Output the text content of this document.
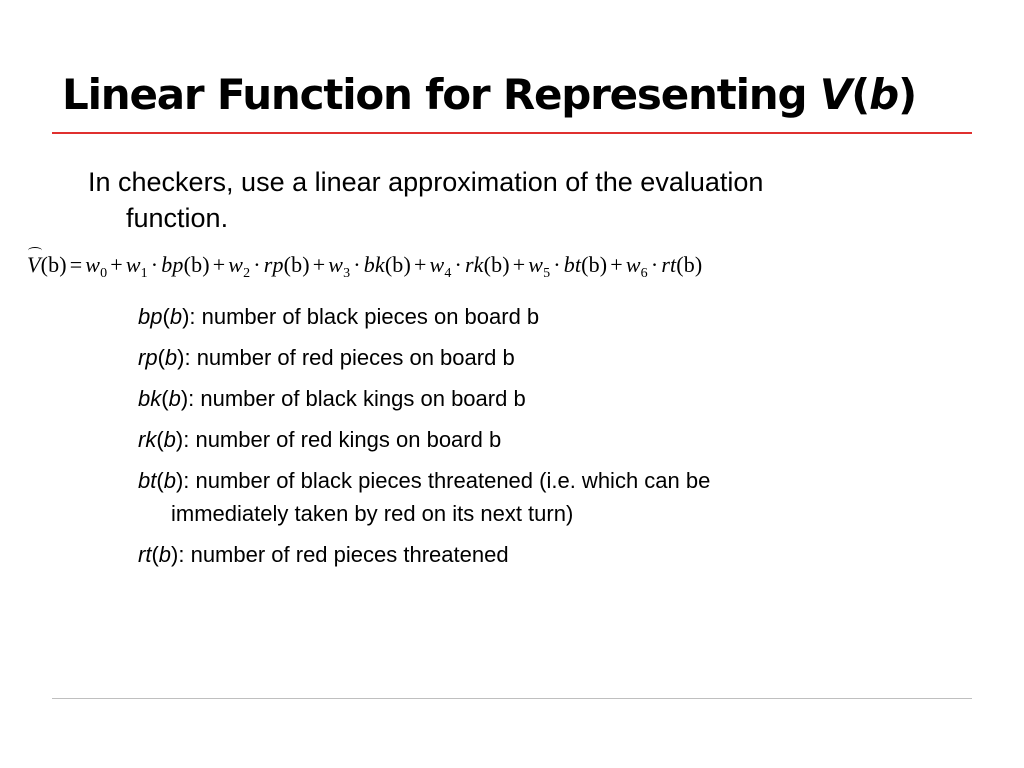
Linear Function for Representing V(b)
In checkers, use a linear approximation of the evaluation
function.
$V(b) = w_0 + w_1 \cdot bp(b) + w_2 \cdot rp(b) + w_3 \cdot bk(b) + w_4 \cdot rk(b) + w_5 \cdot bt(b) + w_6 \cdot rt(b)$
bp(b): number of black pieces on board b
rp(b): number of red pieces on board b
bk(b): number of black kings on board b
rk(b): number of red kings on board b
bt(b): number of black pieces threatened (i.e. which can be
immediately taken by red on its next turn)
rt(b): number of red pieces threatened
